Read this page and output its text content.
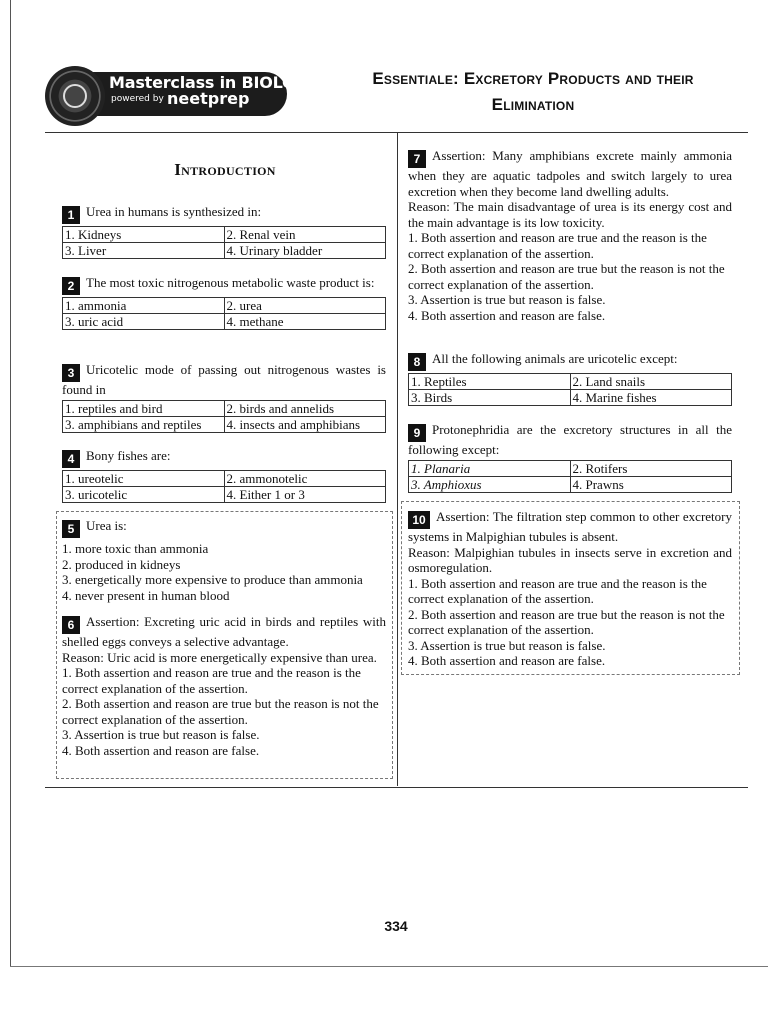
Masterclass in BIOLOGY
powered by neetprep
Essentiale: Excretory Products and their
Elimination
Introduction
1 Urea in humans is synthesized in:
1. Kidneys	2. Renal vein
3. Liver	4. Urinary bladder
2 The most toxic nitrogenous metabolic waste product is:
1. ammonia	2. urea
3. uric acid	4. methane
3 Uricotelic mode of passing out nitrogenous wastes is found in
1. reptiles and bird	2. birds and annelids
3. amphibians and reptiles	4. insects and amphibians
4 Bony fishes are:
1. ureotelic	2. ammonotelic
3. uricotelic	4. Either 1 or 3
5 Urea is:
1. more toxic than ammonia
2. produced in kidneys
3. energetically more expensive to produce than ammonia
4. never present in human blood
6 Assertion: Excreting uric acid in birds and reptiles with shelled eggs conveys a selective advantage.
Reason: Uric acid is more energetically expensive than urea.
1. Both assertion and reason are true and the reason is the correct explanation of the assertion.
2. Both assertion and reason are true but the reason is not the correct explanation of the assertion.
3. Assertion is true but reason is false.
4. Both assertion and reason are false.
7 Assertion: Many amphibians excrete mainly ammonia when they are aquatic tadpoles and switch largely to urea excretion when they become land dwelling adults.
Reason: The main disadvantage of urea is its energy cost and the main advantage is its low toxicity.
1. Both assertion and reason are true and the reason is the correct explanation of the assertion.
2. Both assertion and reason are true but the reason is not the correct explanation of the assertion.
3. Assertion is true but reason is false.
4. Both assertion and reason are false.
8 All the following animals are uricotelic except:
1. Reptiles	2. Land snails
3. Birds	4. Marine fishes
9 Protonephridia are the excretory structures in all the following except:
1. Planaria	2. Rotifers
3. Amphioxus	4. Prawns
10 Assertion: The filtration step common to other excretory systems in Malpighian tubules is absent.
Reason: Malpighian tubules in insects serve in excretion and osmoregulation.
1. Both assertion and reason are true and the reason is the correct explanation of the assertion.
2. Both assertion and reason are true but the reason is not the correct explanation of the assertion.
3. Assertion is true but reason is false.
4. Both assertion and reason are false.
334
